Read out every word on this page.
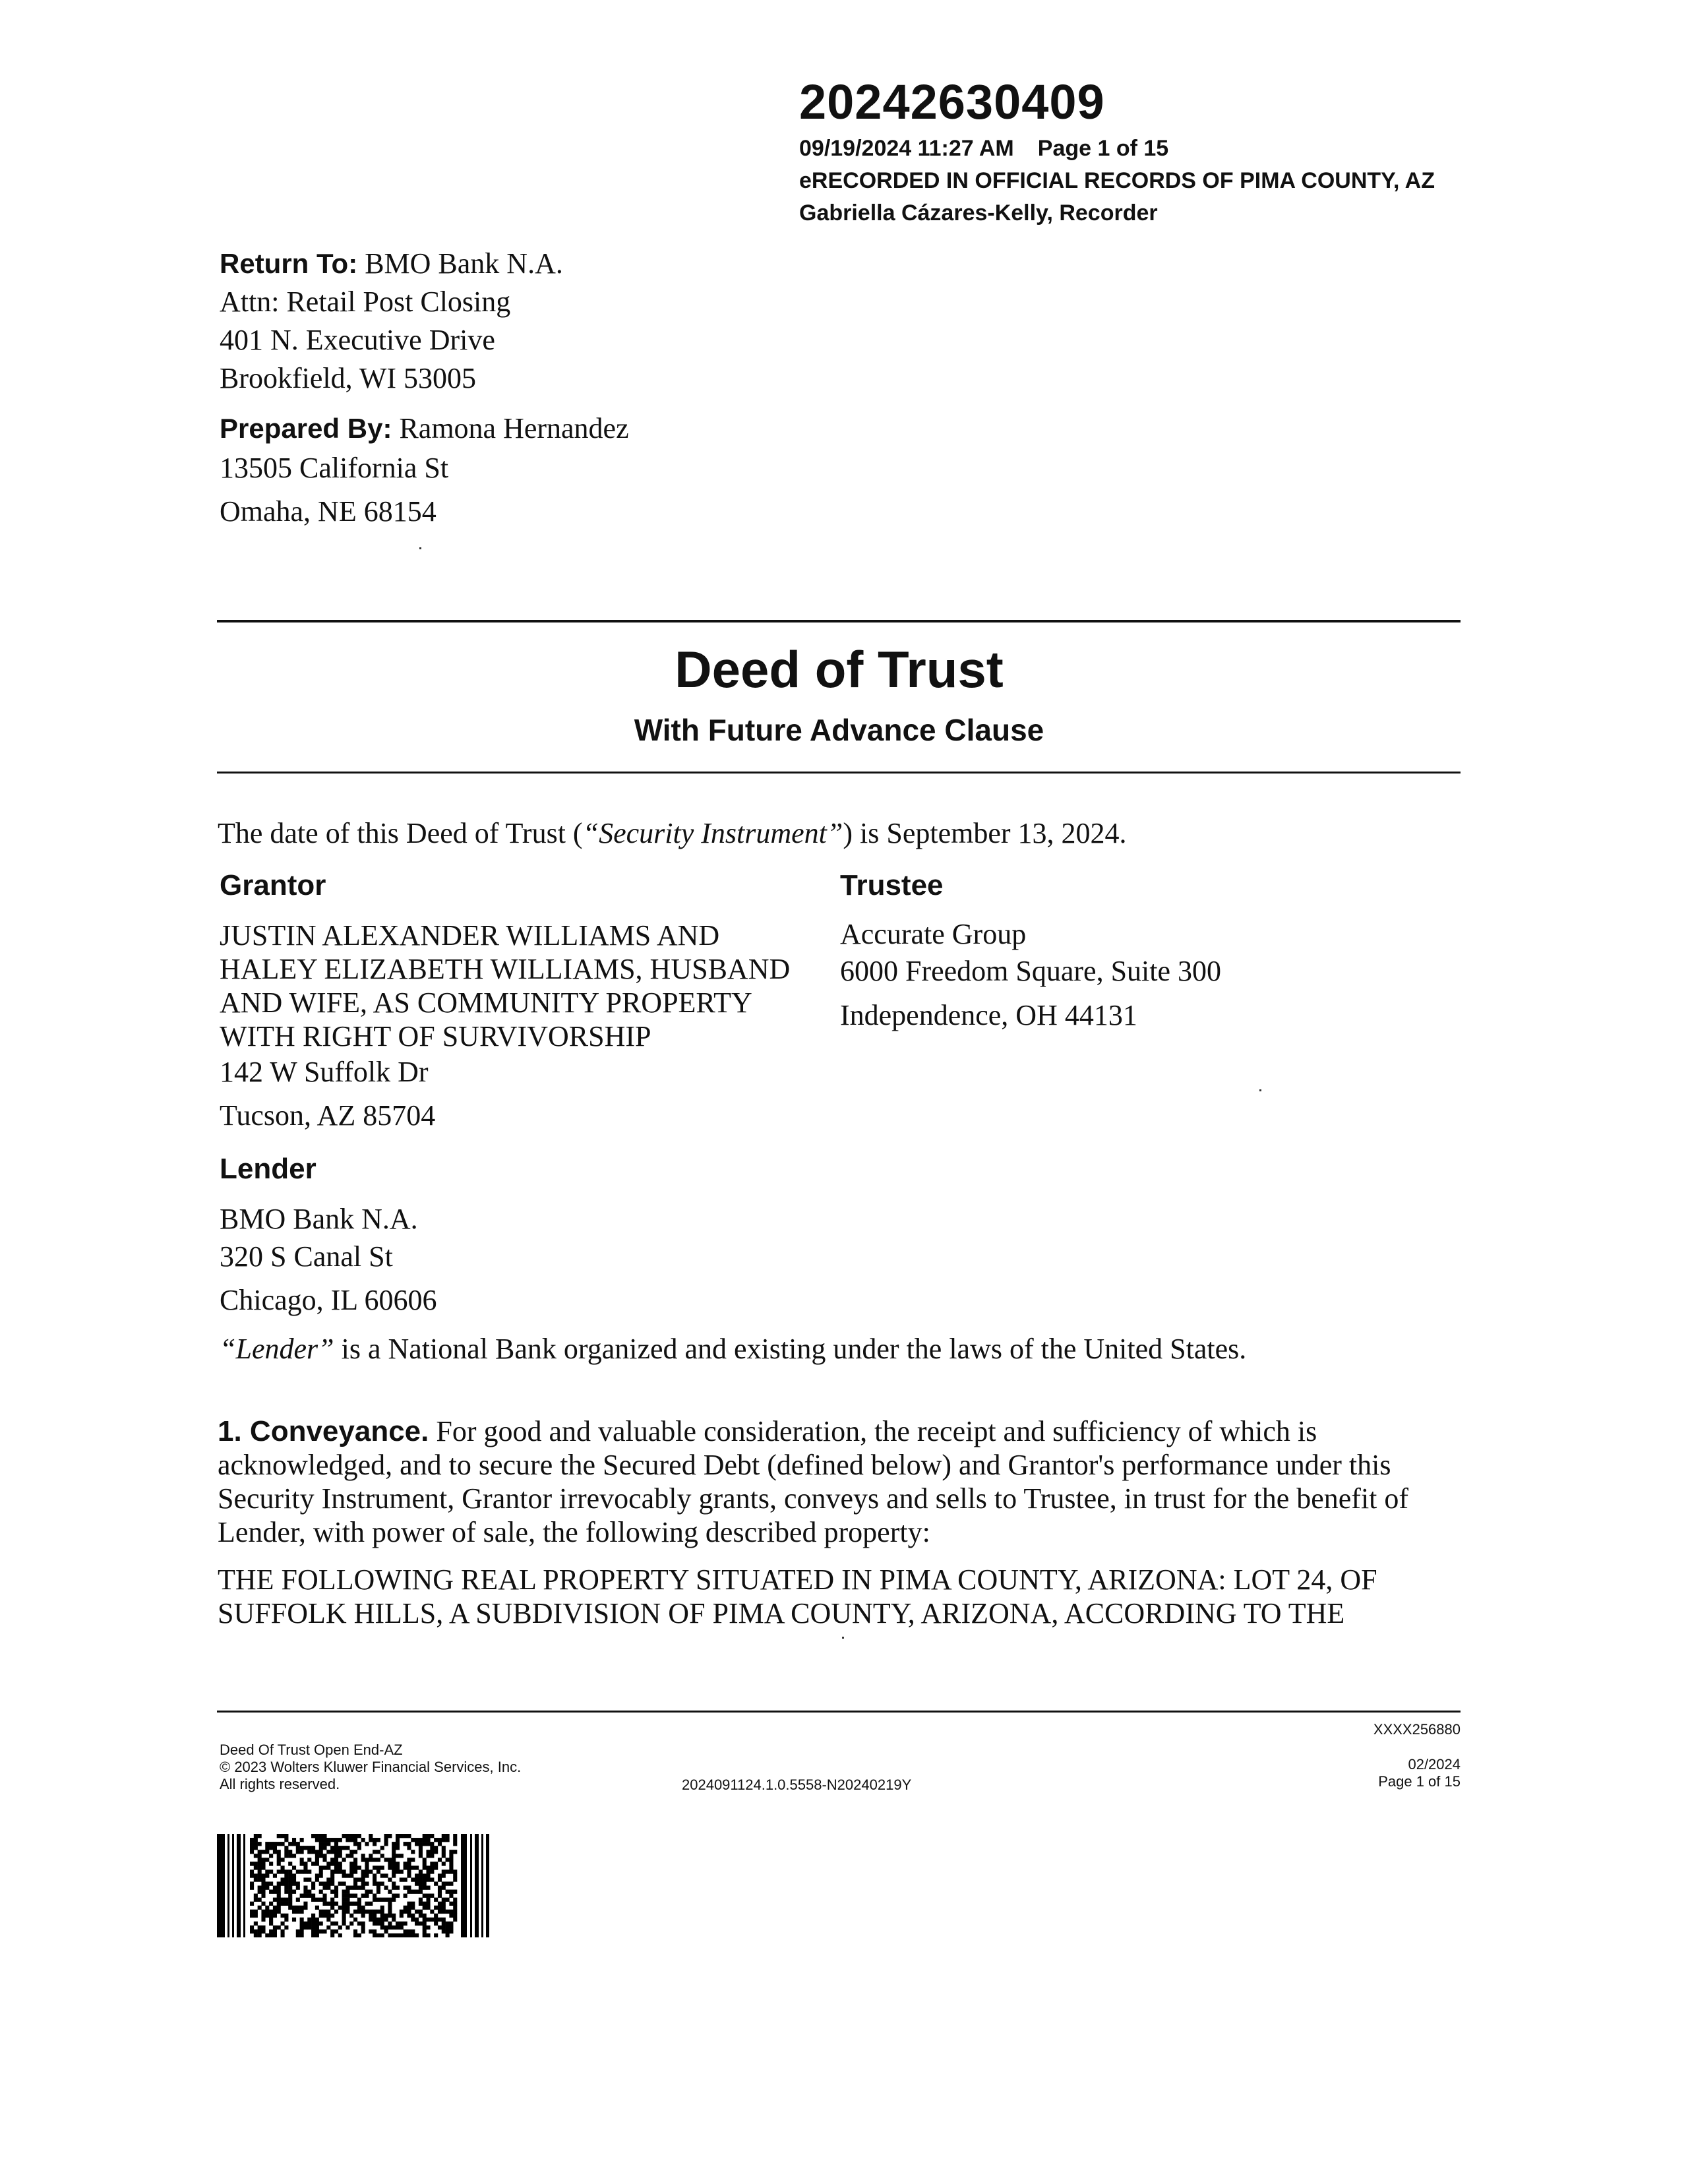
20242630409
09/19/2024 11:27 AM Page 1 of 15
eRECORDED IN OFFICIAL RECORDS OF PIMA COUNTY, AZ
Gabriella Cázares-Kelly, Recorder
Return To: BMO Bank N.A.
Attn: Retail Post Closing
401 N. Executive Drive
Brookfield, WI 53005
Prepared By: Ramona Hernandez
13505 California St
Omaha, NE 68154
Deed of Trust
With Future Advance Clause
The date of this Deed of Trust (“Security Instrument”) is September 13, 2024.
Grantor
JUSTIN ALEXANDER WILLIAMS AND
HALEY ELIZABETH WILLIAMS, HUSBAND
AND WIFE, AS COMMUNITY PROPERTY
WITH RIGHT OF SURVIVORSHIP
142 W Suffolk Dr
Tucson, AZ 85704
Trustee
Accurate Group
6000 Freedom Square, Suite 300
Independence, OH 44131
Lender
BMO Bank N.A.
320 S Canal St
Chicago, IL 60606
“Lender” is a National Bank organized and existing under the laws of the United States.
1. Conveyance. For good and valuable consideration, the receipt and sufficiency of which is
acknowledged, and to secure the Secured Debt (defined below) and Grantor's performance under this
Security Instrument, Grantor irrevocably grants, conveys and sells to Trustee, in trust for the benefit of
Lender, with power of sale, the following described property:
THE FOLLOWING REAL PROPERTY SITUATED IN PIMA COUNTY, ARIZONA: LOT 24, OF
SUFFOLK HILLS, A SUBDIVISION OF PIMA COUNTY, ARIZONA, ACCORDING TO THE
Deed Of Trust Open End-AZ
© 2023 Wolters Kluwer Financial Services, Inc.
All rights reserved.	2024091124.1.0.5558-N20240219Y
XXXX256880
02/2024
Page 1 of 15
